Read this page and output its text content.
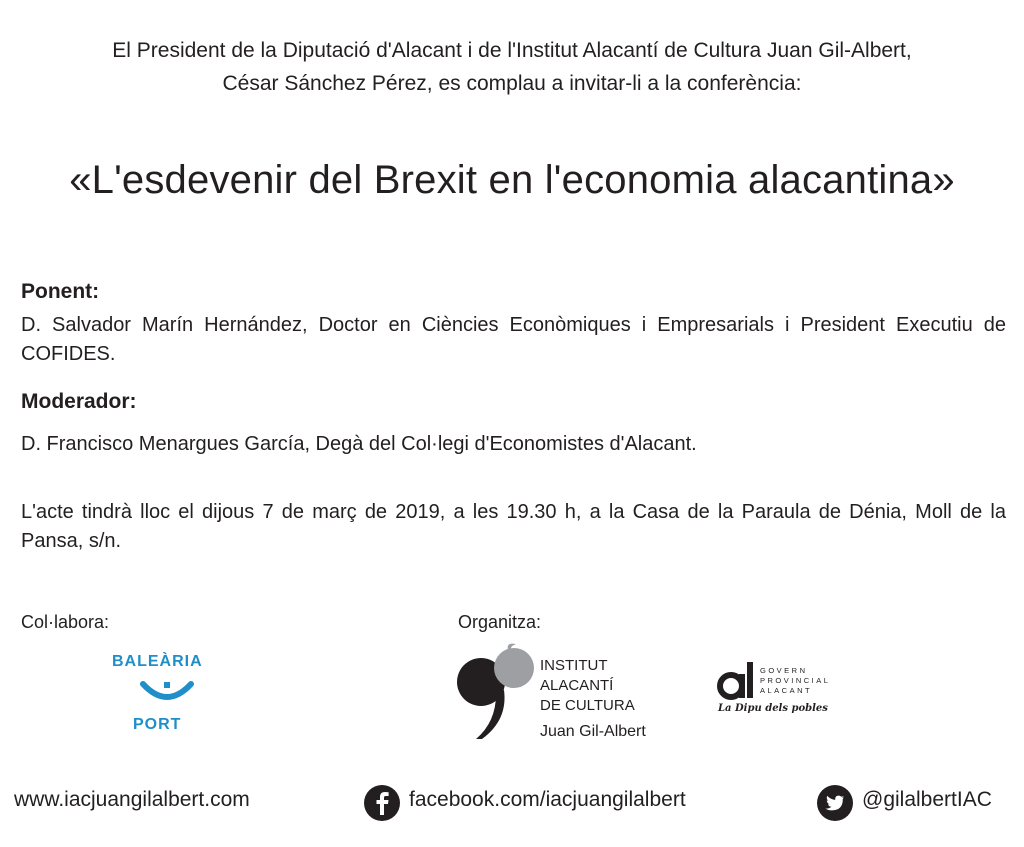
El President de la Diputació d'Alacant i de l'Institut Alacantí de Cultura Juan Gil-Albert,
César Sánchez Pérez, es complau a invitar-li a la conferència:
«L'esdevenir del Brexit en l'economia alacantina»
Ponent:
D. Salvador Marín Hernández, Doctor en Ciències Econòmiques i Empresarials i President Executiu de COFIDES.
Moderador:
D. Francisco Menargues García, Degà del Col·legi d'Economistes d'Alacant.
L'acte tindrà lloc el dijous 7 de març de 2019, a les 19.30 h, a la Casa de la Paraula de Dénia, Moll de la Pansa, s/n.
Col·labora:
BALEÀRIA
PORT
Organitza:
INSTITUT
ALACANTÍ
DE CULTURA
Juan Gil-Albert
GOVERN
PROVINCIAL
ALACANT
La Dipu dels pobles
www.iacjuangilalbert.com	facebook.com/iacjuangilalbert	@gilalbertIAC
